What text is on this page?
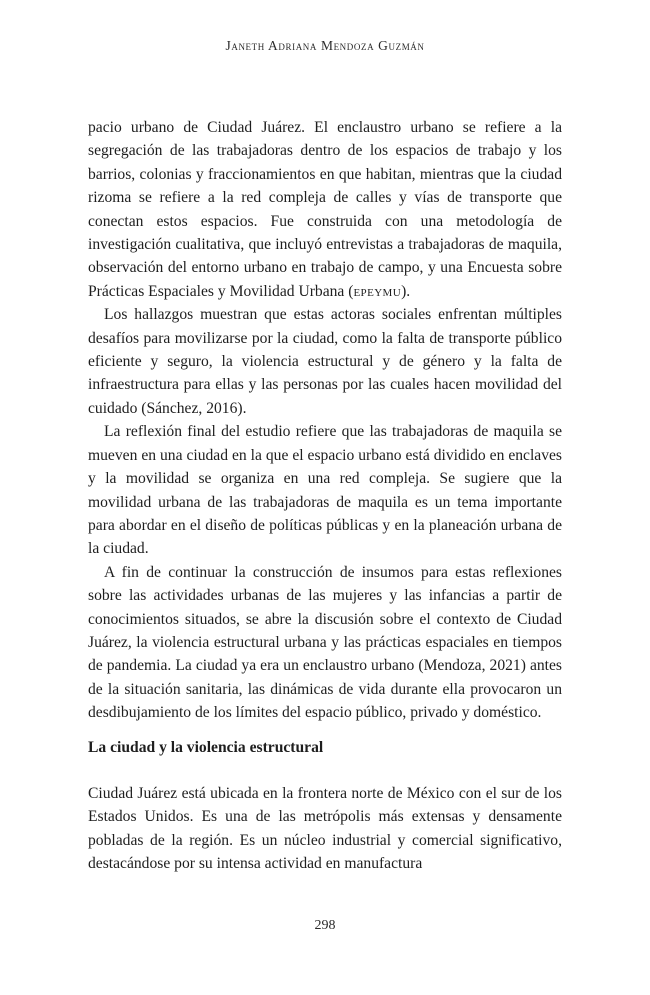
Janeth Adriana Mendoza Guzmán

pacio urbano de Ciudad Juárez. El enclaustro urbano se refiere a la segregación de las trabajadoras dentro de los espacios de trabajo y los barrios, colonias y fraccionamientos en que habitan, mientras que la ciudad rizoma se refiere a la red compleja de calles y vías de transporte que conectan estos espacios. Fue construida con una metodología de investigación cualitativa, que incluyó entrevistas a trabajadoras de maquila, observación del entorno urbano en trabajo de campo, y una Encuesta sobre Prácticas Espaciales y Movilidad Urbana (epeymu).

Los hallazgos muestran que estas actoras sociales enfrentan múltiples desafíos para movilizarse por la ciudad, como la falta de transporte público eficiente y seguro, la violencia estructural y de género y la falta de infraestructura para ellas y las personas por las cuales hacen movilidad del cuidado (Sánchez, 2016).

La reflexión final del estudio refiere que las trabajadoras de maquila se mueven en una ciudad en la que el espacio urbano está dividido en enclaves y la movilidad se organiza en una red compleja. Se sugiere que la movilidad urbana de las trabajadoras de maquila es un tema importante para abordar en el diseño de políticas públicas y en la planeación urbana de la ciudad.

A fin de continuar la construcción de insumos para estas reflexiones sobre las actividades urbanas de las mujeres y las infancias a partir de conocimientos situados, se abre la discusión sobre el contexto de Ciudad Juárez, la violencia estructural urbana y las prácticas espaciales en tiempos de pandemia. La ciudad ya era un enclaustro urbano (Mendoza, 2021) antes de la situación sanitaria, las dinámicas de vida durante ella provocaron un desdibujamiento de los límites del espacio público, privado y doméstico.

La ciudad y la violencia estructural

Ciudad Juárez está ubicada en la frontera norte de México con el sur de los Estados Unidos. Es una de las metrópolis más extensas y densamente pobladas de la región. Es un núcleo industrial y comercial significativo, destacándose por su intensa actividad en manufactura

298
